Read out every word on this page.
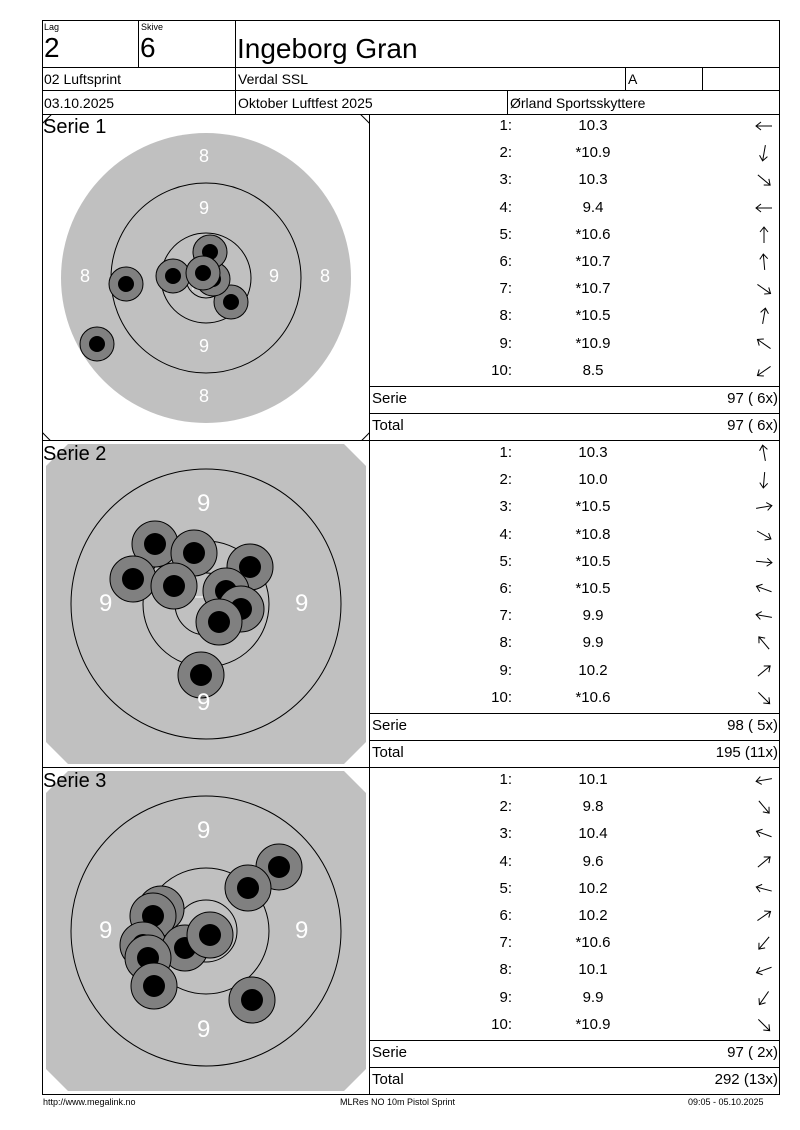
Lag
2
Skive
6	Ingeborg Gran
02 Luftsprint	Verdal SSL	A
03.10.2025	Oktober Luftfest 2025	Ørland Sportsskyttere
8
9
8	9 8
9
8
Serie 1
9
9	9
9
Serie 2
9
9	9
9
Serie 3
1:	10.3
2:	*10.9
3:	10.3
4:	9.4
5:	*10.6
6:	*10.7
7:	*10.7
8:	*10.5
9:	*10.9
10:	8.5
Serie	97 ( 6x)
Total	97 ( 6x)
1:	10.3
2:	10.0
3:	*10.5
4:	*10.8
5:	*10.5
6:	*10.5
7:	9.9
8:	9.9
9:	10.2
10:	*10.6
Serie	98 ( 5x)
Total	195 (11x)
1:	10.1
2:	9.8
3:	10.4
4:	9.6
5:	10.2
6:	10.2
7:	*10.6
8:	10.1
9:	9.9
10:	*10.9
Serie	97 ( 2x)
Total	292 (13x)
http://www.megalink.no	MLRes NO 10m Pistol Sprint	09:05 - 05.10.2025
